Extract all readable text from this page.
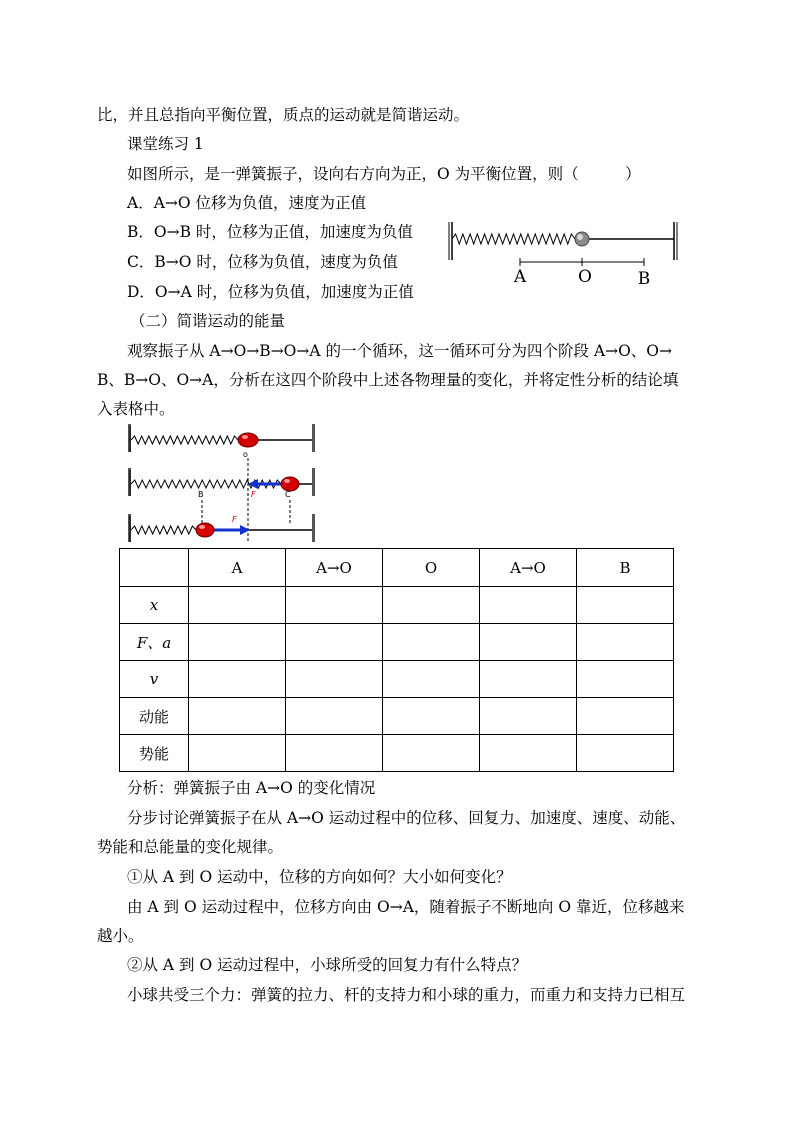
比，并且总指向平衡位置，质点的运动就是简谐运动。
课堂练习 1
如图所示，是一弹簧振子，设向右方向为正，O 为平衡位置，则（　　　）
A．A→O 位移为负值，速度为正值
B．O→B 时，位移为正值，加速度为负值
C．B→O 时，位移为负值，速度为负值
D．O→A 时，位移为负值，加速度为正值
A	O	B
（二）简谐运动的能量
观察振子从 A→O→B→O→A 的一个循环，这一循环可分为四个阶段 A→O、O→
B、B→O、O→A，分析在这四个阶段中上述各物理量的变化，并将定性分析的结论填
入表格中。
o
B	F	C
F
	A	A→O	O	A→O	B
x					
F、a					
v					
动能					
势能					
分析：弹簧振子由 A→O 的变化情况
分步讨论弹簧振子在从 A→O 运动过程中的位移、回复力、加速度、速度、动能、
势能和总能量的变化规律。
①从 A 到 O 运动中，位移的方向如何？大小如何变化？
由 A 到 O 运动过程中，位移方向由 O→A，随着振子不断地向 O 靠近，位移越来
越小。
②从 A 到 O 运动过程中，小球所受的回复力有什么特点？
小球共受三个力：弹簧的拉力、杆的支持力和小球的重力，而重力和支持力已相互
